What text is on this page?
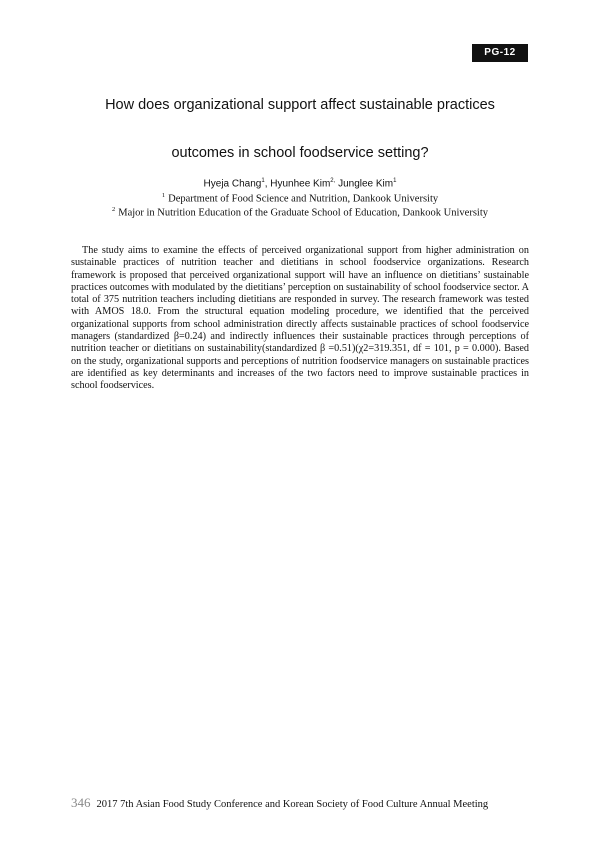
PG-12
How does organizational support affect sustainable practices
outcomes in school foodservice setting?
Hyeja Chang$^1$, Hyunhee Kim$^{2,}$ Junglee Kim$^1$
$^1$ Department of Food Science and Nutrition, Dankook University
$^2$ Major in Nutrition Education of the Graduate School of Education, Dankook University

The study aims to examine the effects of perceived organizational support from higher administration on sustainable practices of nutrition teacher and dietitians in school foodservice organizations. Research framework is proposed that perceived organizational support will have an influence on dietitians’ sustainable practices outcomes with modulated by the dietitians’ perception on sustainability of school foodservice sector. A total of 375 nutrition teachers including dietitians are responded in survey. The research framework was tested with AMOS 18.0. From the structural equation modeling procedure, we identified that the perceived organizational supports from school administration directly affects sustainable practices of school foodservice managers (standardized β=0.24) and indirectly influences their sustainable practices through perceptions of nutrition teacher or dietitians on sustainability(standardized β =0.51)(χ2=319.351, df = 101, p = 0.000). Based on the study, organizational supports and perceptions of nutrition foodservice managers on sustainable practices are identified as key determinants and increases of the two factors need to improve sustainable practices in school foodservices.

346 2017 7th Asian Food Study Conference and Korean Society of Food Culture Annual Meeting
